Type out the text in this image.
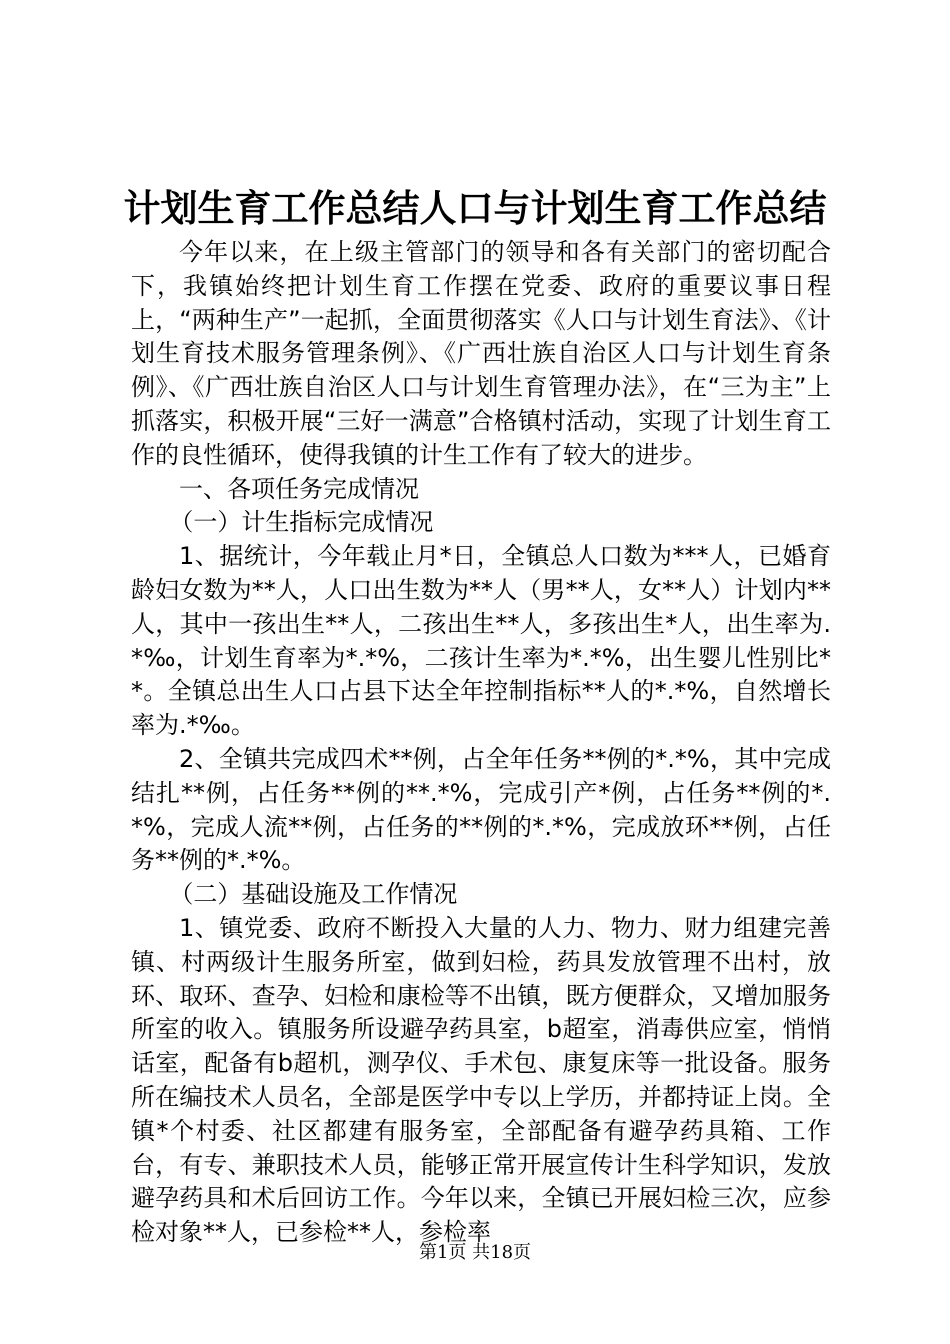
计划生育工作总结人口与计划生育工作总结

今年以来，在上级主管部门的领导和各有关部门的密切配合下，我镇始终把计划生育工作摆在党委、政府的重要议事日程上，“两种生产”一起抓，全面贯彻落实《人口与计划生育法》、《计划生育技术服务管理条例》、《广西壮族自治区人口与计划生育条例》、《广西壮族自治区人口与计划生育管理办法》，在“三为主”上抓落实，积极开展“三好一满意”合格镇村活动，实现了计划生育工作的良性循环，使得我镇的计生工作有了较大的进步。

一、各项任务完成情况

（一）计生指标完成情况

1、据统计，今年载止月*日，全镇总人口数为***人，已婚育龄妇女数为**人，人口出生数为**人（男**人，女**人）计划内**人，其中一孩出生**人，二孩出生**人，多孩出生*人，出生率为.*‰，计划生育率为*.*%，二孩计生率为*.*%，出生婴儿性别比**。全镇总出生人口占县下达全年控制指标**人的*.*%，自然增长率为.*‰。

2、全镇共完成四术**例，占全年任务**例的*.*%，其中完成结扎**例，占任务**例的**.*%，完成引产*例，占任务**例的*.*%，完成人流**例，占任务的**例的*.*%，完成放环**例，占任务**例的*.*%。

（二）基础设施及工作情况

1、镇党委、政府不断投入大量的人力、物力、财力组建完善镇、村两级计生服务所室，做到妇检，药具发放管理不出村，放环、取环、查孕、妇检和康检等不出镇，既方便群众，又增加服务所室的收入。镇服务所设避孕药具室，b超室，消毒供应室，悄悄话室，配备有b超机，测孕仪、手术包、康复床等一批设备。服务所在编技术人员名，全部是医学中专以上学历，并都持证上岗。全镇*个村委、社区都建有服务室，全部配备有避孕药具箱、工作台，有专、兼职技术人员，能够正常开展宣传计生科学知识，发放避孕药具和术后回访工作。今年以来，全镇已开展妇检三次，应参检对象**人，已参检**人，参检率

第1页 共18页
